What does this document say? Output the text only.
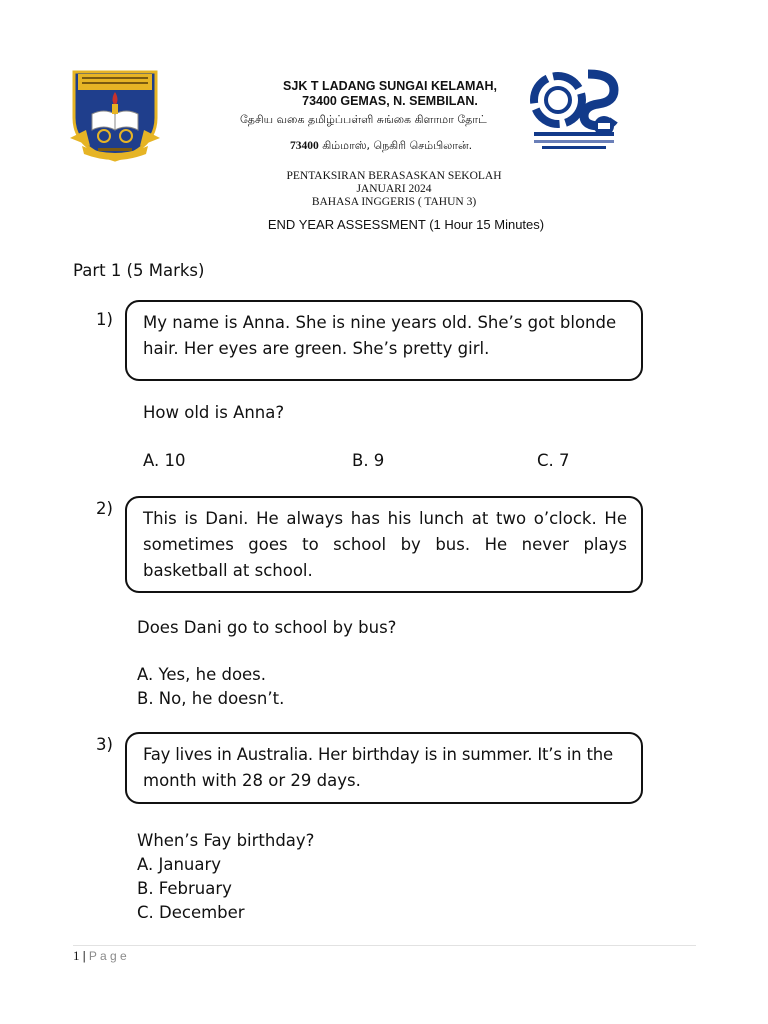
SJK T LADANG SUNGAI KELAMAH,
73400 GEMAS, N. SEMBILAN.
தேசிய வகை தமிழ்ப்பள்ளி சுங்கை கிளாமா தோட்
73400 கிம்மாஸ், நெகிரி செம்பிலான்.
PENTAKSIRAN BERASASKAN SEKOLAH
JANUARI 2024
BAHASA INGGERIS ( TAHUN 3)
END YEAR ASSESSMENT (1 Hour 15 Minutes)
Part 1 (5 Marks)
1) My name is Anna. She is nine years old. She’s got blonde
hair. Her eyes are green. She’s pretty girl.
How old is Anna?
A. 10	B. 9	C. 7
2)
This is Dani. He always has his lunch at two o’clock. He sometimes goes to school by bus. He never plays basketball at school.
Does Dani go to school by bus?
A. Yes, he does.
B. No, he doesn’t.
3)
Fay lives in Australia. Her birthday is in summer. It’s in the
month with 28 or 29 days.
When’s Fay birthday?
A. January
B. February
C. December
1 | P a g e
